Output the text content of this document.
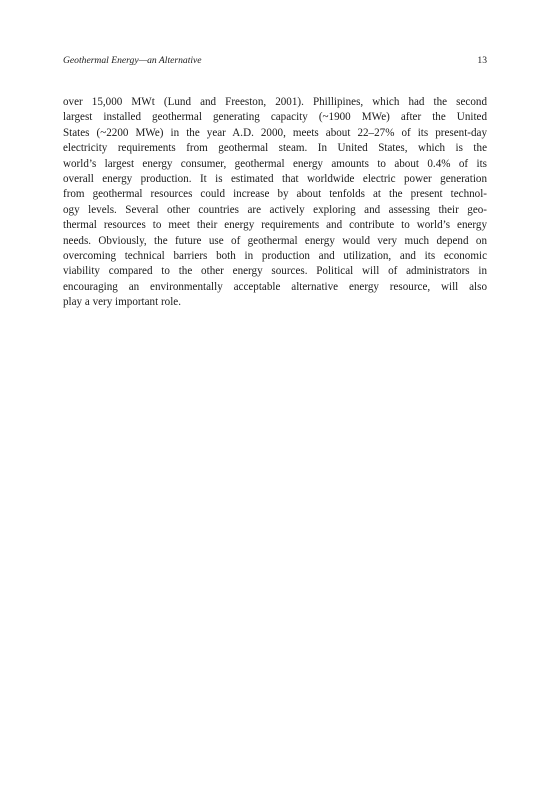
Geothermal Energy—an Alternative	13

over 15,000 MWt (Lund and Freeston, 2001). Phillipines, which had the second
largest installed geothermal generating capacity (~1900 MWe) after the United
States (~2200 MWe) in the year A.D. 2000, meets about 22–27% of its present-day
electricity requirements from geothermal steam. In United States, which is the
world’s largest energy consumer, geothermal energy amounts to about 0.4% of its
overall energy production. It is estimated that worldwide electric power generation
from geothermal resources could increase by about tenfolds at the present technol-
ogy levels. Several other countries are actively exploring and assessing their geo-
thermal resources to meet their energy requirements and contribute to world’s energy
needs. Obviously, the future use of geothermal energy would very much depend on
overcoming technical barriers both in production and utilization, and its economic
viability compared to the other energy sources. Political will of administrators in
encouraging an environmentally acceptable alternative energy resource, will also
play a very important role.
